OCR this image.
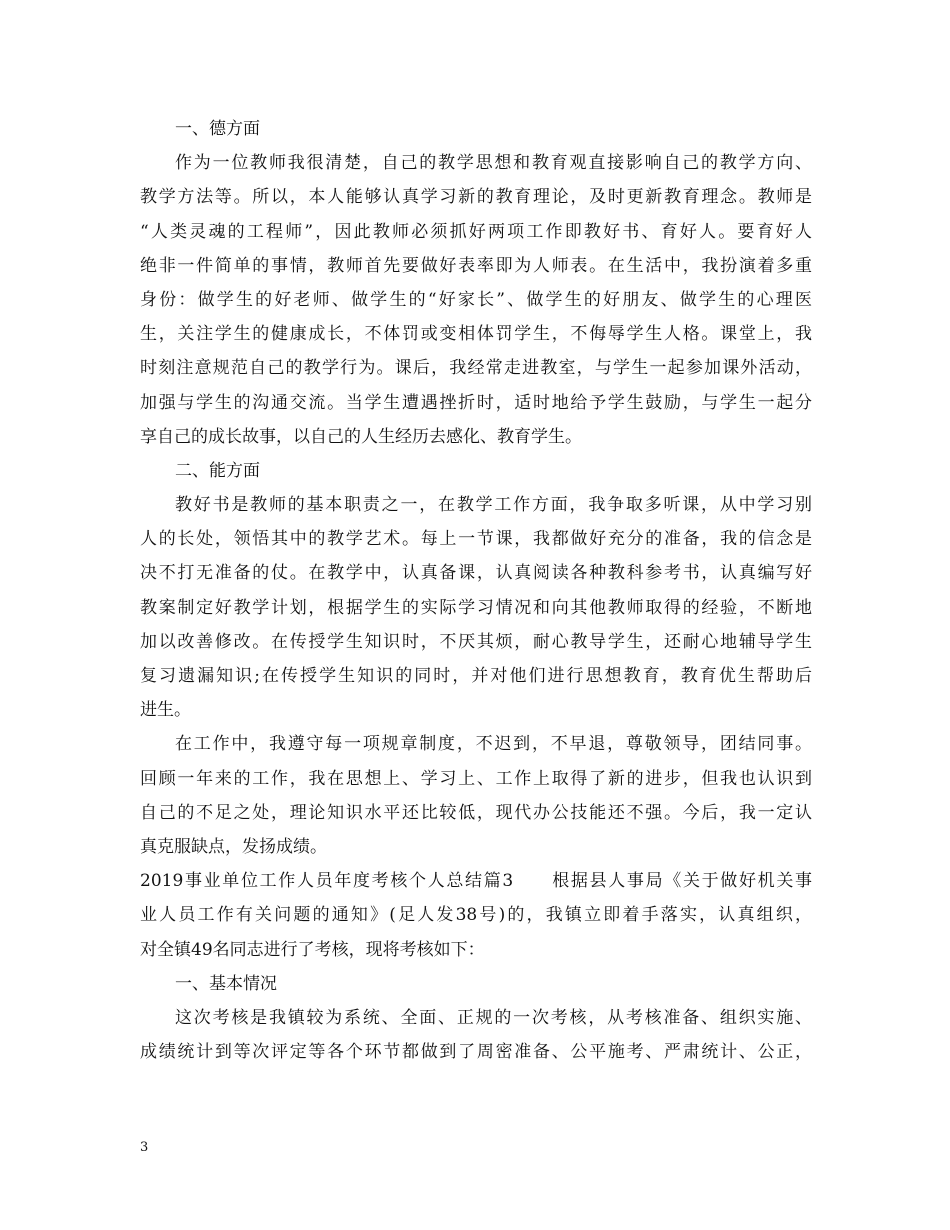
一、德方面
作为一位教师我很清楚，自己的教学思想和教育观直接影响自己的教学方向、
教学方法等。所以，本人能够认真学习新的教育理论，及时更新教育理念。教师是
“人类灵魂的工程师”，因此教师必须抓好两项工作即教好书、育好人。要育好人
绝非一件简单的事情，教师首先要做好表率即为人师表。在生活中，我扮演着多重
身份：做学生的好老师、做学生的“好家长”、做学生的好朋友、做学生的心理医
生，关注学生的健康成长，不体罚或变相体罚学生，不侮辱学生人格。课堂上，我
时刻注意规范自己的教学行为。课后，我经常走进教室，与学生一起参加课外活动，
加强与学生的沟通交流。当学生遭遇挫折时，适时地给予学生鼓励，与学生一起分
享自己的成长故事，以自己的人生经历去感化、教育学生。
二、能方面
教好书是教师的基本职责之一，在教学工作方面，我争取多听课，从中学习别
人的长处，领悟其中的教学艺术。每上一节课，我都做好充分的准备，我的信念是
决不打无准备的仗。在教学中，认真备课，认真阅读各种教科参考书，认真编写好
教案制定好教学计划，根据学生的实际学习情况和向其他教师取得的经验，不断地
加以改善修改。在传授学生知识时，不厌其烦，耐心教导学生，还耐心地辅导学生
复习遗漏知识;在传授学生知识的同时，并对他们进行思想教育，教育优生帮助后
进生。
在工作中，我遵守每一项规章制度，不迟到，不早退，尊敬领导，团结同事。
回顾一年来的工作，我在思想上、学习上、工作上取得了新的进步，但我也认识到
自己的不足之处，理论知识水平还比较低，现代办公技能还不强。今后，我一定认
真克服缺点，发扬成绩。
2019事业单位工作人员年度考核个人总结篇3　　根据县人事局《关于做好机关事
业人员工作有关问题的通知》(足人发38号)的，我镇立即着手落实，认真组织，
对全镇49名同志进行了考核，现将考核如下：
一、基本情况
这次考核是我镇较为系统、全面、正规的一次考核，从考核准备、组织实施、
成绩统计到等次评定等各个环节都做到了周密准备、公平施考、严肃统计、公正，
3
